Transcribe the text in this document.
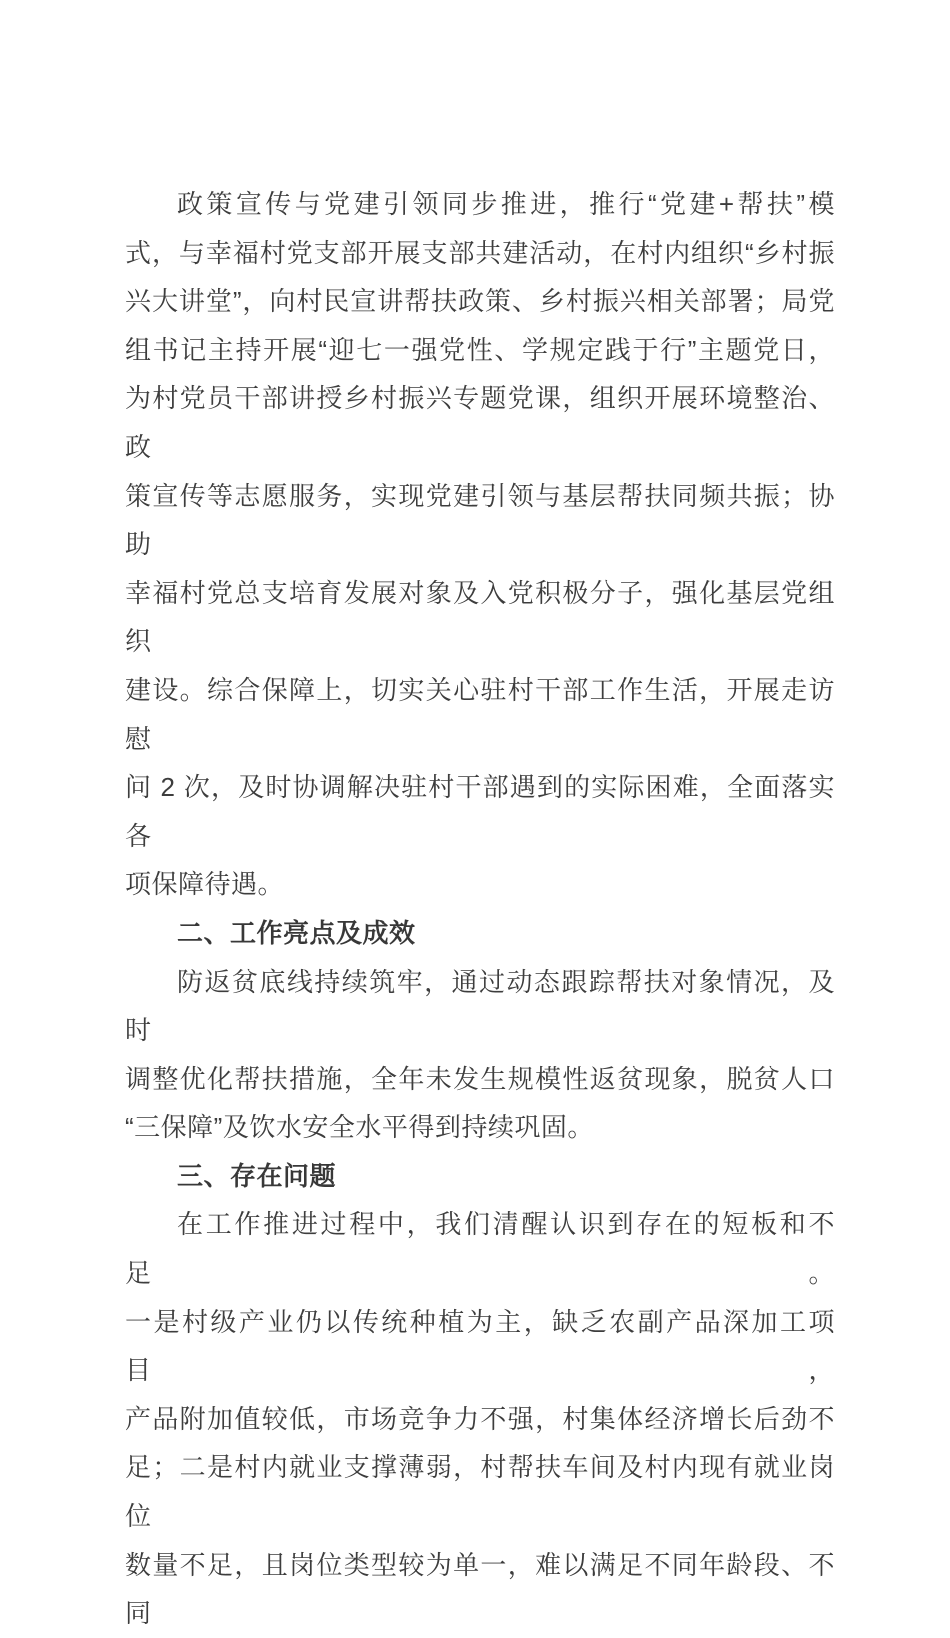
政策宣传与党建引领同步推进，推行“党建+帮扶”模
式，与幸福村党支部开展支部共建活动，在村内组织“乡村振
兴大讲堂”，向村民宣讲帮扶政策、乡村振兴相关部署；局党
组书记主持开展“迎七一强党性、学规定践于行”主题党日，
为村党员干部讲授乡村振兴专题党课，组织开展环境整治、政
策宣传等志愿服务，实现党建引领与基层帮扶同频共振；协助
幸福村党总支培育发展对象及入党积极分子，强化基层党组织
建设。综合保障上，切实关心驻村干部工作生活，开展走访慰
问 2 次，及时协调解决驻村干部遇到的实际困难，全面落实各
项保障待遇。
二、工作亮点及成效
防返贫底线持续筑牢，通过动态跟踪帮扶对象情况，及时
调整优化帮扶措施，全年未发生规模性返贫现象，脱贫人口
“三保障”及饮水安全水平得到持续巩固。
三、存在问题
在工作推进过程中，我们清醒认识到存在的短板和不足。
一是村级产业仍以传统种植为主，缺乏农副产品深加工项目，
产品附加值较低，市场竞争力不强，村集体经济增长后劲不
足；二是村内就业支撑薄弱，村帮扶车间及村内现有就业岗位
数量不足，且岗位类型较为单一，难以满足不同年龄段、不同
